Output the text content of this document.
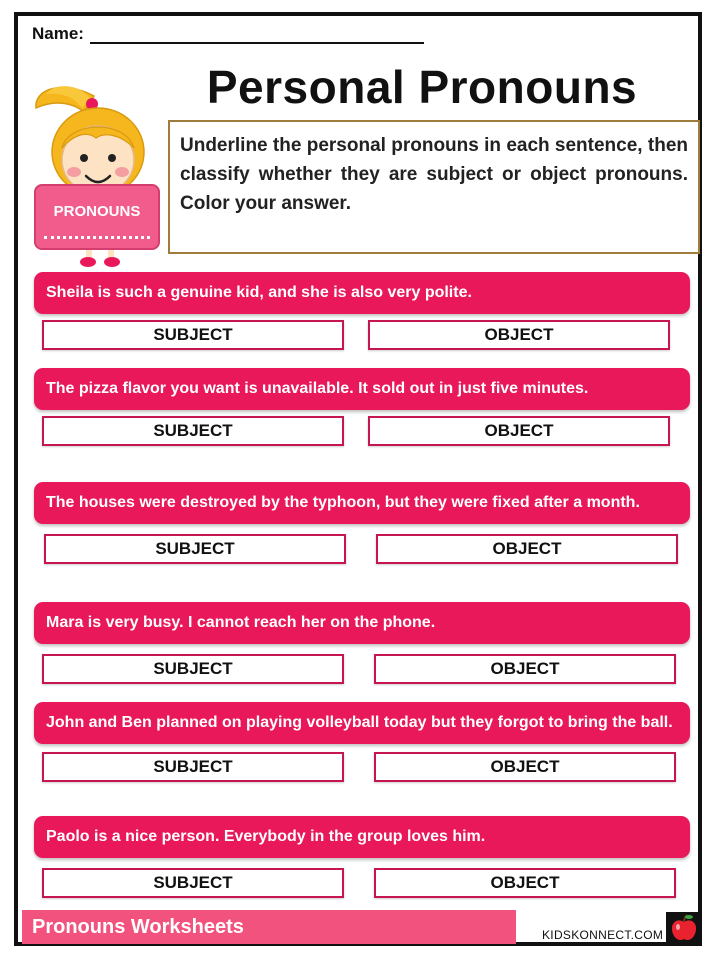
Name:
Personal Pronouns
PRONOUNS
Underline the personal pronouns in each sentence, then classify whether they are subject or object pronouns. Color your answer.
Sheila is such a genuine kid, and she is also very polite.
SUBJECT	OBJECT
The pizza flavor you want is unavailable. It sold out in just five minutes.
SUBJECT	OBJECT
The houses were destroyed by the typhoon, but they were fixed after a month.
SUBJECT	OBJECT
Mara is very busy. I cannot reach her on the phone.
SUBJECT	OBJECT
John and Ben planned on playing volleyball today but they forgot to bring the ball.
SUBJECT	OBJECT
Paolo is a nice person. Everybody in the group loves him.
SUBJECT	OBJECT
Pronouns Worksheets	KIDSKONNECT.COM
